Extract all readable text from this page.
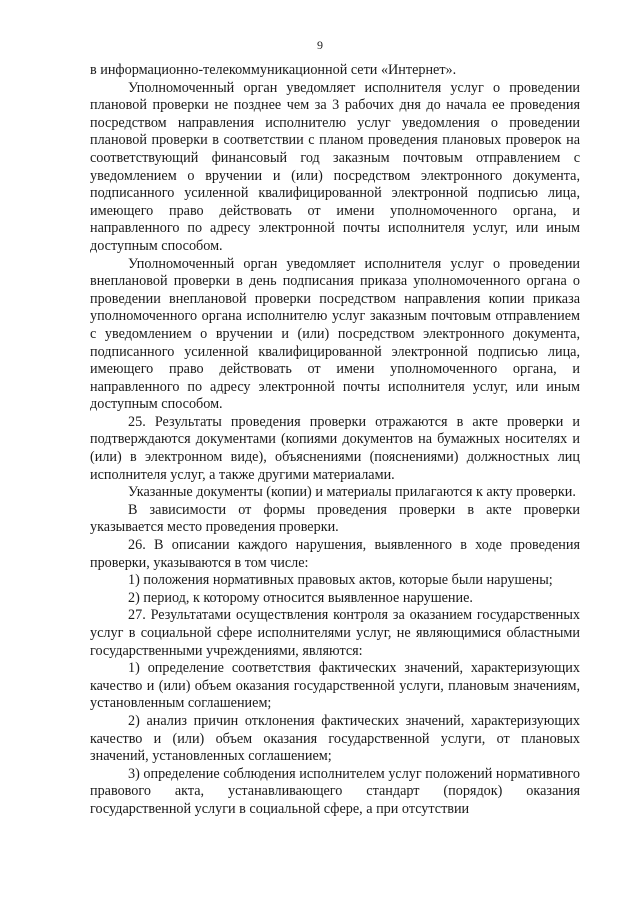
9

в информационно-телекоммуникационной сети «Интернет».

Уполномоченный орган уведомляет исполнителя услуг о проведении плановой проверки не позднее чем за 3 рабочих дня до начала ее проведения посредством направления исполнителю услуг уведомления о проведении плановой проверки в соответствии с планом проведения плановых проверок на соответствующий финансовый год заказным почтовым отправлением с уведомлением о вручении и (или) посредством электронного документа, подписанного усиленной квалифицированной электронной подписью лица, имеющего право действовать от имени уполномоченного органа, и направленного по адресу электронной почты исполнителя услуг, или иным доступным способом.

Уполномоченный орган уведомляет исполнителя услуг о проведении внеплановой проверки в день подписания приказа уполномоченного органа о проведении внеплановой проверки посредством направления копии приказа уполномоченного органа исполнителю услуг заказным почтовым отправлением с уведомлением о вручении и (или) посредством электронного документа, подписанного усиленной квалифицированной электронной подписью лица, имеющего право действовать от имени уполномоченного органа, и направленного по адресу электронной почты исполнителя услуг, или иным доступным способом.

25. Результаты проведения проверки отражаются в акте проверки и подтверждаются документами (копиями документов на бумажных носителях и (или) в электронном виде), объяснениями (пояснениями) должностных лиц исполнителя услуг, а также другими материалами.

Указанные документы (копии) и материалы прилагаются к акту проверки.

В зависимости от формы проведения проверки в акте проверки указывается место проведения проверки.

26. В описании каждого нарушения, выявленного в ходе проведения проверки, указываются в том числе:

1) положения нормативных правовых актов, которые были нарушены;

2) период, к которому относится выявленное нарушение.

27. Результатами осуществления контроля за оказанием государственных услуг в социальной сфере исполнителями услуг, не являющимися областными государственными учреждениями, являются:

1) определение соответствия фактических значений, характеризующих качество и (или) объем оказания государственной услуги, плановым значениям, установленным соглашением;

2) анализ причин отклонения фактических значений, характеризующих качество и (или) объем оказания государственной услуги, от плановых значений, установленных соглашением;

3) определение соблюдения исполнителем услуг положений нормативного правового акта, устанавливающего стандарт (порядок) оказания государственной услуги в социальной сфере, а при отсутствии
